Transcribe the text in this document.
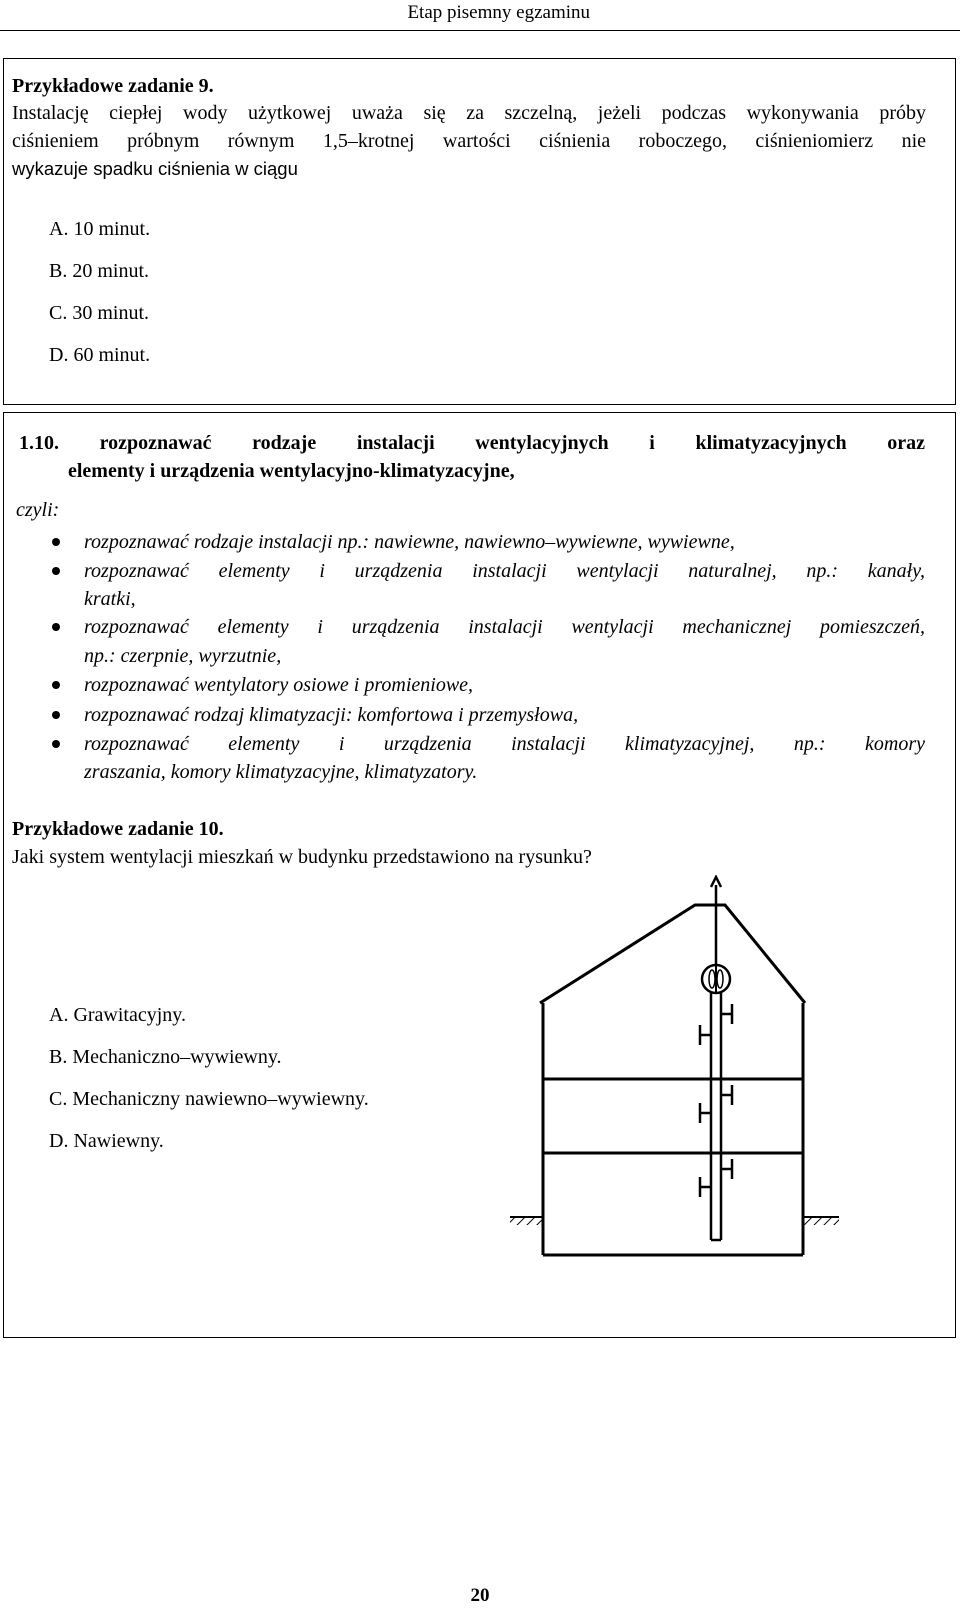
Etap pisemny egzaminu
Przykładowe zadanie 9.
Instalację ciepłej wody użytkowej uważa się za szczelną, jeżeli podczas wykonywania próby
ciśnieniem próbnym równym 1,5–krotnej wartości ciśnienia roboczego, ciśnieniomierz nie
wykazuje spadku ciśnienia w ciągu
A. 10 minut.
B. 20 minut.
C. 30 minut.
D. 60 minut.
1.10. rozpoznawać rodzaje instalacji wentylacyjnych i klimatyzacyjnych oraz
elementy i urządzenia wentylacyjno-klimatyzacyjne,
czyli:
rozpoznawać rodzaje instalacji np.: nawiewne, nawiewno–wywiewne, wywiewne,
rozpoznawać elementy i urządzenia instalacji wentylacji naturalnej, np.: kanały,
kratki,
rozpoznawać elementy i urządzenia instalacji wentylacji mechanicznej pomieszczeń,
np.: czerpnie, wyrzutnie,
rozpoznawać wentylatory osiowe i promieniowe,
rozpoznawać rodzaj klimatyzacji: komfortowa i przemysłowa,
rozpoznawać elementy i urządzenia instalacji klimatyzacyjnej, np.: komory
zraszania, komory klimatyzacyjne, klimatyzatory.
Przykładowe zadanie 10.
Jaki system wentylacji mieszkań w budynku przedstawiono na rysunku?
A. Grawitacyjny.
B. Mechaniczno–wywiewny.
C. Mechaniczny nawiewno–wywiewny.
D. Nawiewny.
20
